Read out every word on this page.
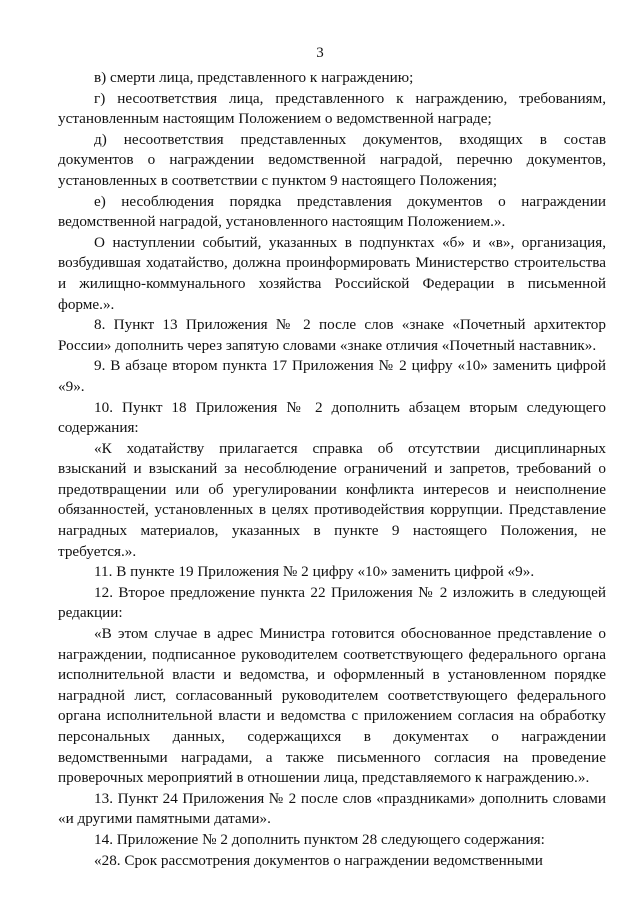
3

в) смерти лица, представленного к награждению;

г) несоответствия лица, представленного к награждению, требованиям, установленным настоящим Положением о ведомственной награде;

д) несоответствия представленных документов, входящих в состав документов о награждении ведомственной наградой, перечню документов, установленных в соответствии с пунктом 9 настоящего Положения;

е) несоблюдения порядка представления документов о награждении ведомственной наградой, установленного настоящим Положением.».

О наступлении событий, указанных в подпунктах «б» и «в», организация, возбудившая ходатайство, должна проинформировать Министерство строительства и жилищно-коммунального хозяйства Российской Федерации в письменной форме.».

8. Пункт 13 Приложения № 2 после слов «знаке «Почетный архитектор России» дополнить через запятую словами «знаке отличия «Почетный наставник».

9. В абзаце втором пункта 17 Приложения № 2 цифру «10» заменить цифрой «9».

10. Пункт 18 Приложения № 2 дополнить абзацем вторым следующего содержания:

«К ходатайству прилагается справка об отсутствии дисциплинарных взысканий и взысканий за несоблюдение ограничений и запретов, требований о предотвращении или об урегулировании конфликта интересов и неисполнение обязанностей, установленных в целях противодействия коррупции. Представление наградных материалов, указанных в пункте 9 настоящего Положения, не требуется.».

11. В пункте 19 Приложения № 2 цифру «10» заменить цифрой «9».

12. Второе предложение пункта 22 Приложения № 2 изложить в следующей редакции:

«В этом случае в адрес Министра готовится обоснованное представление о награждении, подписанное руководителем соответствующего федерального органа исполнительной власти и ведомства, и оформленный в установленном порядке наградной лист, согласованный руководителем соответствующего федерального органа исполнительной власти и ведомства с приложением согласия на обработку персональных данных, содержащихся в документах о награждении ведомственными наградами, а также письменного согласия на проведение проверочных мероприятий в отношении лица, представляемого к награждению.».

13. Пункт 24 Приложения № 2 после слов «праздниками» дополнить словами «и другими памятными датами».

14. Приложение № 2 дополнить пунктом 28 следующего содержания:

«28. Срок рассмотрения документов о награждении ведомственными
